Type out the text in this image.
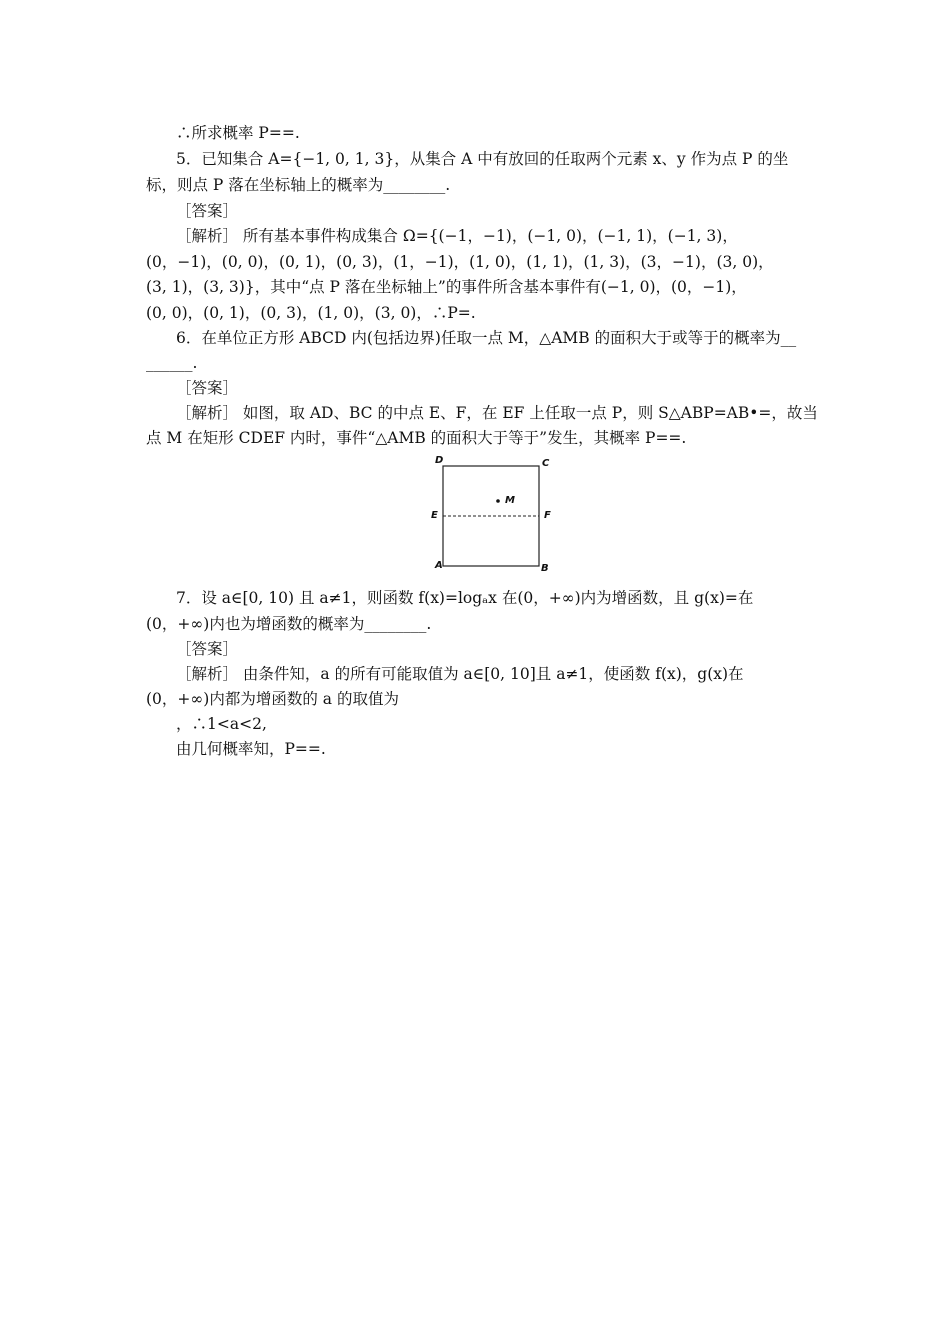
∴所求概率 P==.
5．已知集合 A={−1, 0, 1, 3}，从集合 A 中有放回的任取两个元素 x、y 作为点 P 的坐
标，则点 P 落在坐标轴上的概率为________.
［答案］
［解析］ 所有基本事件构成集合 Ω={(−1，−1)，(−1, 0)，(−1, 1)，(−1, 3)，
(0，−1)，(0, 0)，(0, 1)，(0, 3)，(1，−1)，(1, 0)，(1, 1)，(1, 3)，(3，−1)，(3, 0)，
(3, 1)，(3, 3)}，其中“点 P 落在坐标轴上”的事件所含基本事件有(−1, 0)，(0，−1)，
(0, 0)，(0, 1)，(0, 3)，(1, 0)，(3, 0)，∴P=.
6．在单位正方形 ABCD 内(包括边界)任取一点 M，△AMB 的面积大于或等于的概率为__
______.
［答案］
［解析］ 如图，取 AD、BC 的中点 E、F，在 EF 上任取一点 P，则 S△ABP=AB•=，故当
点 M 在矩形 CDEF 内时，事件“△AMB 的面积大于等于”发生，其概率 P==.
D	C
M
E	F
A	B
7．设 a∈[0, 10) 且 a≠1，则函数 f(x)=logₐx 在(0，+∞)内为增函数，且 g(x)=在
(0，+∞)内也为增函数的概率为________.
［答案］
［解析］ 由条件知，a 的所有可能取值为 a∈[0, 10]且 a≠1，使函数 f(x)，g(x)在
(0，+∞)内都为增函数的 a 的取值为
，∴1<a<2,
由几何概率知，P==.
